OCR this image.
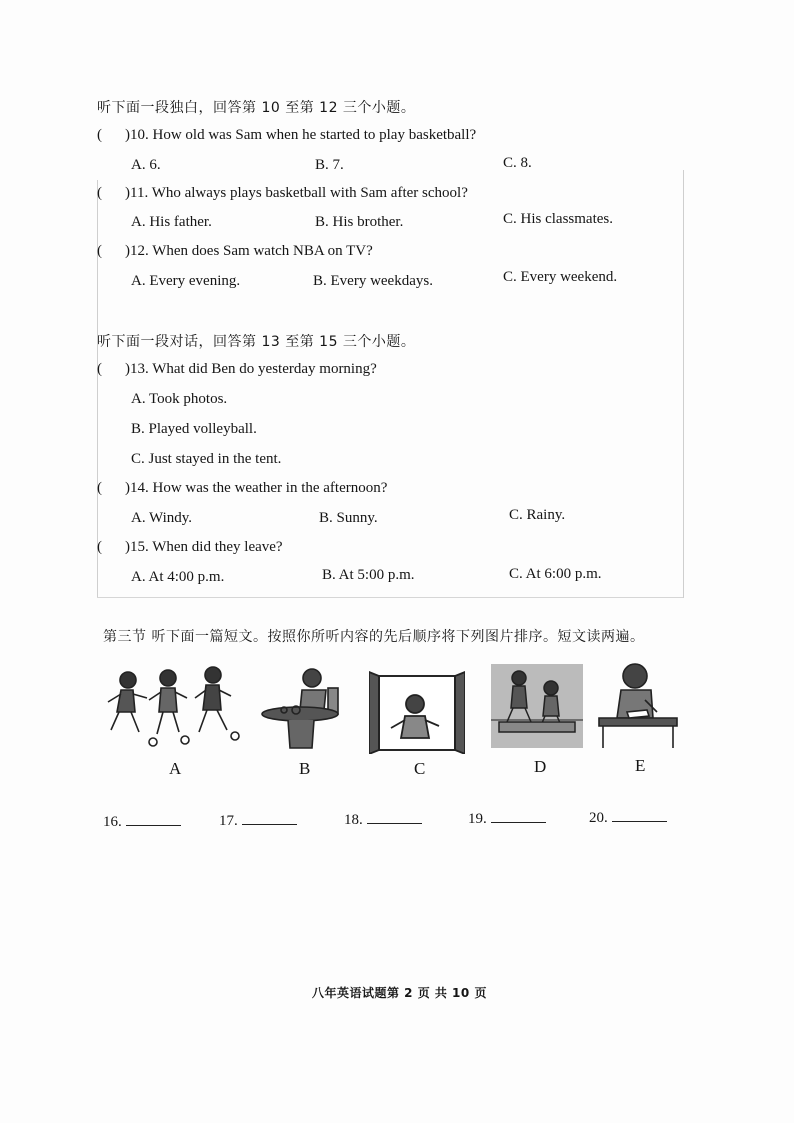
听下面一段独白，回答第 10 至第 12 三个小题。
( )10. How old was Sam when he started to play basketball?
A. 6.	B. 7.	C. 8.
( )11. Who always plays basketball with Sam after school?
A. His father.	B. His brother.	C. His classmates.
( )12. When does Sam watch NBA on TV?
A. Every evening.	B. Every weekdays.	C. Every weekend.
听下面一段对话，回答第 13 至第 15 三个小题。
( )13. What did Ben do yesterday morning?
A. Took photos.
B. Played volleyball.
C. Just stayed in the tent.
( )14. How was the weather in the afternoon?
A. Windy.	B. Sunny.	C. Rainy.
( )15. When did they leave?
A. At 4:00 p.m.	B. At 5:00 p.m.	C. At 6:00 p.m.
第三节 听下面一篇短文。按照你所听内容的先后顺序将下列图片排序。短文读两遍。
A	B	C	D	E
16.	17.	18.	19.	20.
八年英语试题第 2 页 共 10 页
